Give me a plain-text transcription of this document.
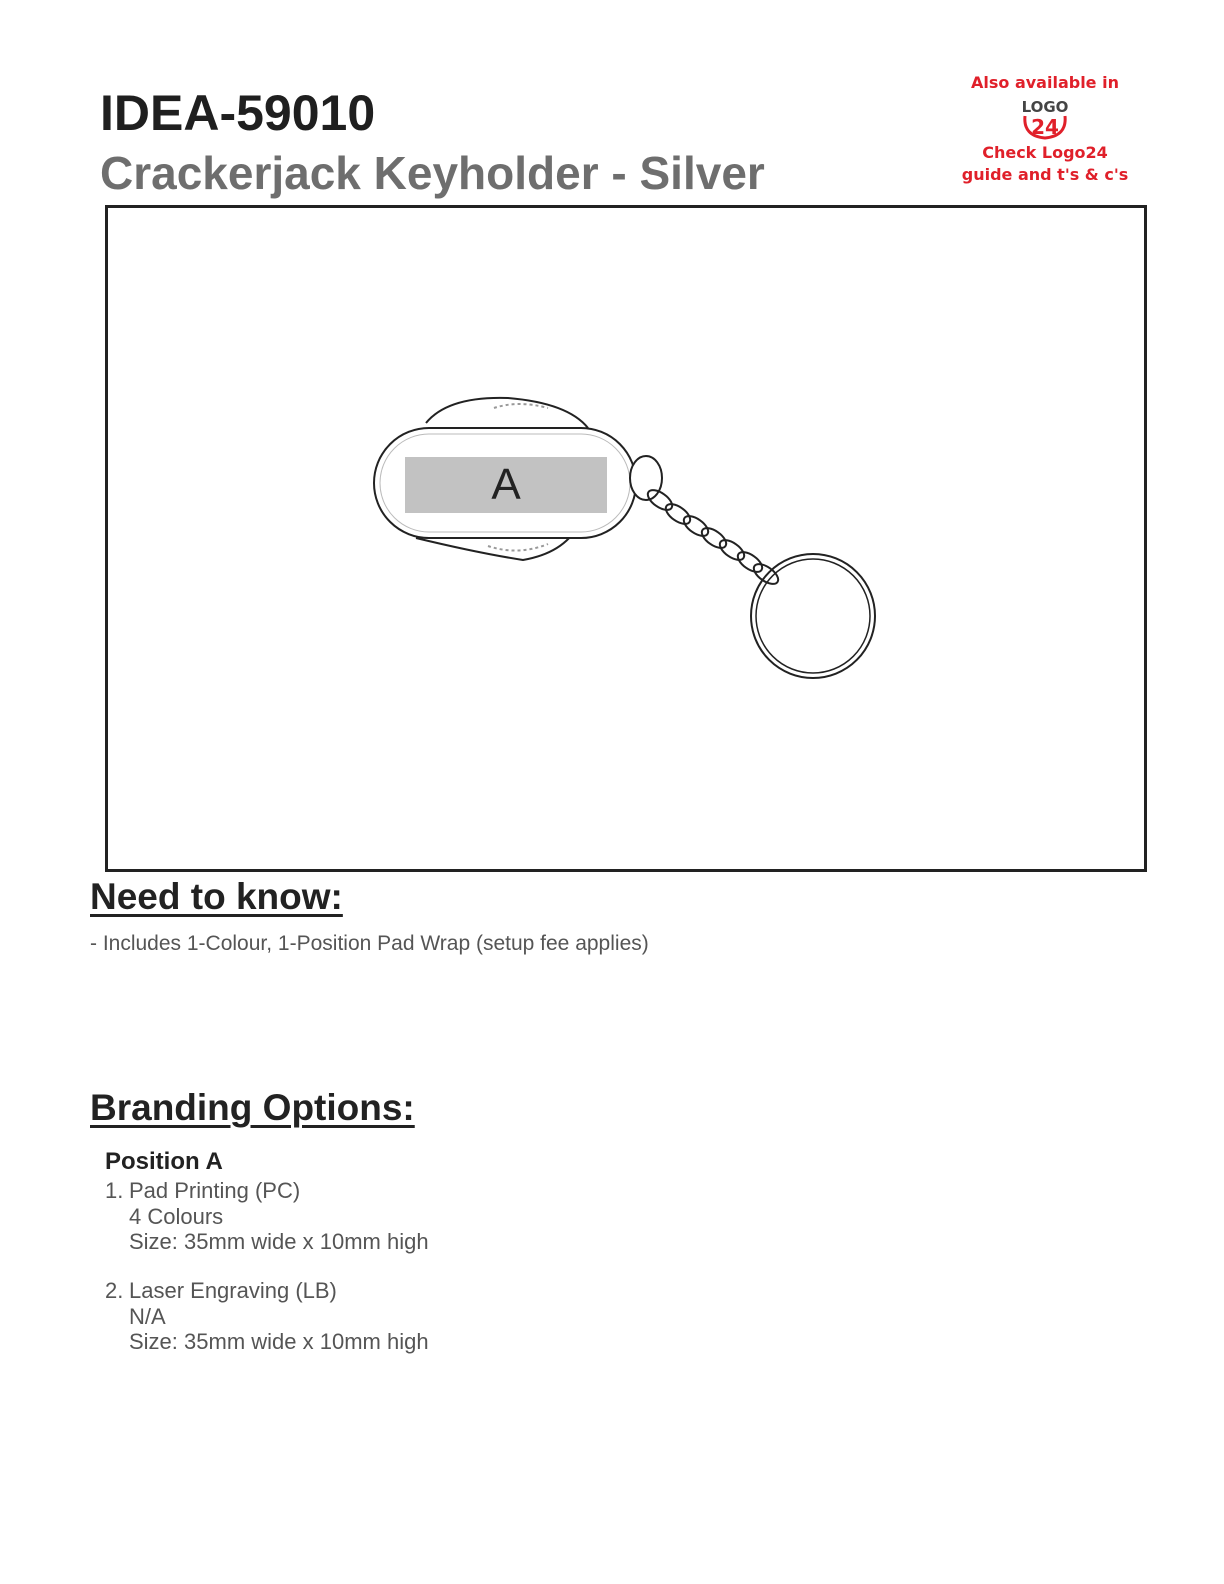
IDEA-59010
Crackerjack Keyholder - Silver
Also available in
LOGO
24
Check Logo24
guide and t's & c's
A
Need to know:

- Includes 1-Colour, 1-Position Pad Wrap (setup fee applies)

Branding Options:

Position A

1. Pad Printing (PC)
4 Colours
Size: 35mm wide x 10mm high
2. Laser Engraving (LB)
N/A
Size: 35mm wide x 10mm high
